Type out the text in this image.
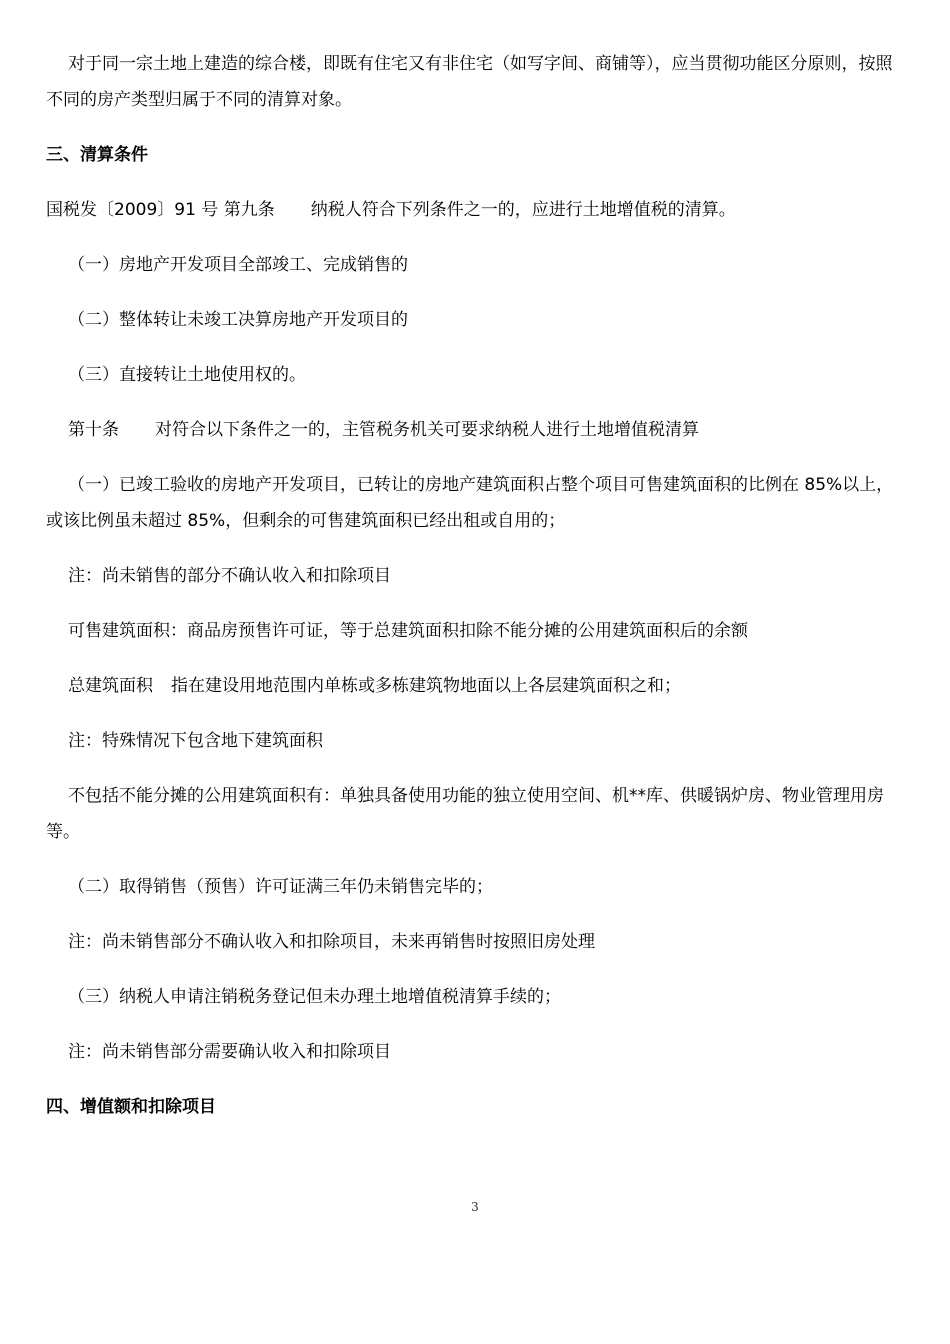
对于同一宗土地上建造的综合楼，即既有住宅又有非住宅（如写字间、商铺等），应当贯彻功能区分原则，按照不同的房产类型归属于不同的清算对象。

三、清算条件

国税发〔2009〕91 号 第九条 纳税人符合下列条件之一的，应进行土地增值税的清算。

（一）房地产开发项目全部竣工、完成销售的

（二）整体转让未竣工决算房地产开发项目的

（三）直接转让土地使用权的。

第十条 对符合以下条件之一的，主管税务机关可要求纳税人进行土地增值税清算

（一）已竣工验收的房地产开发项目，已转让的房地产建筑面积占整个项目可售建筑面积的比例在 85%以上，或该比例虽未超过 85%，但剩余的可售建筑面积已经出租或自用的；

注：尚未销售的部分不确认收入和扣除项目

可售建筑面积：商品房预售许可证，等于总建筑面积扣除不能分摊的公用建筑面积后的余额

总建筑面积 指在建设用地范围内单栋或多栋建筑物地面以上各层建筑面积之和；

注：特殊情况下包含地下建筑面积

不包括不能分摊的公用建筑面积有：单独具备使用功能的独立使用空间、机**库、供暖锅炉房、物业管理用房等。

（二）取得销售（预售）许可证满三年仍未销售完毕的；

注：尚未销售部分不确认收入和扣除项目，未来再销售时按照旧房处理

（三）纳税人申请注销税务登记但未办理土地增值税清算手续的；

注：尚未销售部分需要确认收入和扣除项目

四、增值额和扣除项目

3
